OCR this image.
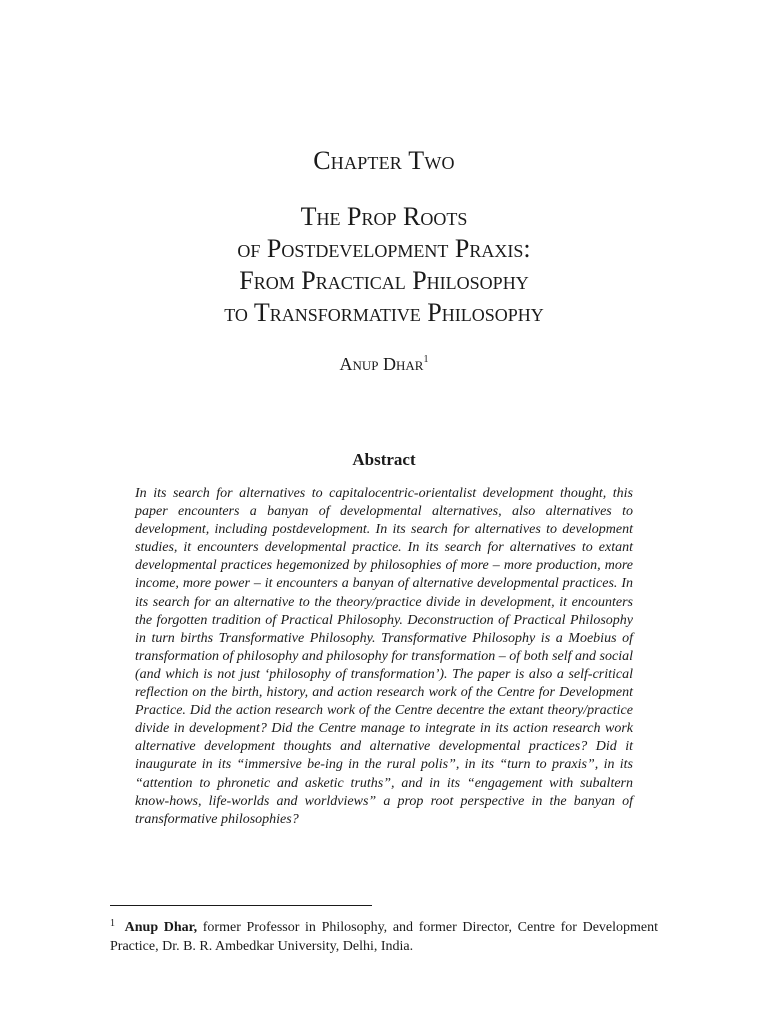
Chapter Two
The Prop Roots
of Postdevelopment Praxis:
From Practical Philosophy
to Transformative Philosophy
Anup Dhar$^1$
Abstract
In its search for alternatives to capitalocentric-orientalist development thought, this paper encounters a banyan of developmental alternatives, also alternatives to development, including postdevelopment. In its search for alternatives to development studies, it encounters developmental practice. In its search for alternatives to extant developmental practices hegemonized by philosophies of more – more production, more income, more power – it encounters a banyan of alternative developmental practices. In its search for an alternative to the theory/practice divide in development, it encounters the forgotten tradition of Practical Philosophy. Deconstruction of Practical Philosophy in turn births Transformative Philosophy. Transformative Philosophy is a Moebius of transformation of philosophy and philosophy for transformation – of both self and social (and which is not just ‘philosophy of transformation’). The paper is also a self-critical reflection on the birth, history, and action research work of the Centre for Development Practice. Did the action research work of the Centre decentre the extant theory/practice divide in development? Did the Centre manage to integrate in its action research work alternative development thoughts and alternative developmental practices? Did it inaugurate in its “immersive be-ing in the rural polis”, in its “turn to praxis”, in its “attention to phronetic and asketic truths”, and in its “engagement with subaltern know-hows, life-worlds and worldviews” a prop root perspective in the banyan of transformative philosophies?
$^1$ Anup Dhar, former Professor in Philosophy, and former Director, Centre for Development Practice, Dr. B. R. Ambedkar University, Delhi, India.
